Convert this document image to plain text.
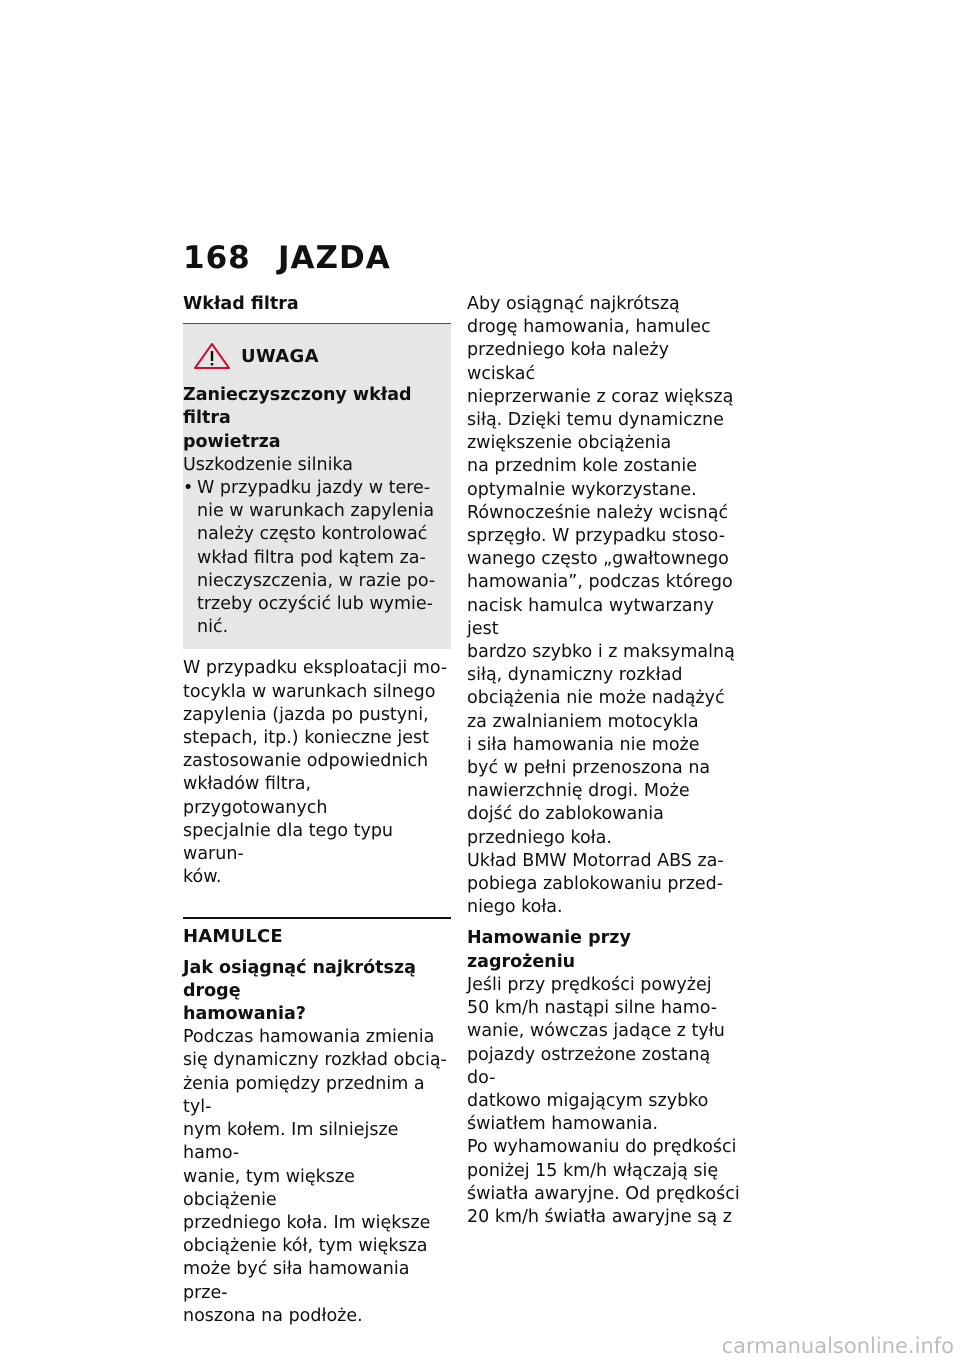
168 JAZDA

Wkład filtra

UWAGA

Zanieczyszczony wkład filtra

powietrza

Uszkodzenie silnika

• W przypadku jazdy w tere-

nie w warunkach zapylenia

należy często kontrolować

wkład filtra pod kątem za-

nieczyszczenia, w razie po-

trzeby oczyścić lub wymie-

nić.

W przypadku eksploatacji mo-

tocykla w warunkach silnego

zapylenia (jazda po pustyni,

stepach, itp.) konieczne jest

zastosowanie odpowiednich

wkładów filtra, przygotowanych

specjalnie dla tego typu warun-

ków.

HAMULCE

Jak osiągnąć najkrótszą drogę

hamowania?

Podczas hamowania zmienia

się dynamiczny rozkład obcią-

żenia pomiędzy przednim a tyl-

nym kołem. Im silniejsze hamo-

wanie, tym większe obciążenie

przedniego koła. Im większe

obciążenie kół, tym większa

może być siła hamowania prze-

noszona na podłoże.

Aby osiągnąć najkrótszą

drogę hamowania, hamulec

przedniego koła należy wciskać

nieprzerwanie z coraz większą

siłą. Dzięki temu dynamiczne

zwiększenie obciążenia

na przednim kole zostanie

optymalnie wykorzystane.

Równocześnie należy wcisnąć

sprzęgło. W przypadku stoso-

wanego często „gwałtownego

hamowania”, podczas którego

nacisk hamulca wytwarzany jest

bardzo szybko i z maksymalną

siłą, dynamiczny rozkład

obciążenia nie może nadążyć

za zwalnianiem motocykla

i siła hamowania nie może

być w pełni przenoszona na

nawierzchnię drogi. Może

dojść do zablokowania

przedniego koła.

Układ BMW Motorrad ABS za-

pobiega zablokowaniu przed-

niego koła.

Hamowanie przy zagrożeniu

Jeśli przy prędkości powyżej

50 km/h nastąpi silne hamo-

wanie, wówczas jadące z tyłu

pojazdy ostrzeżone zostaną do-

datkowo migającym szybko

światłem hamowania.

Po wyhamowaniu do prędkości

poniżej 15 km/h włączają się

światła awaryjne. Od prędkości

20 km/h światła awaryjne są z

carmanualsonline.info
